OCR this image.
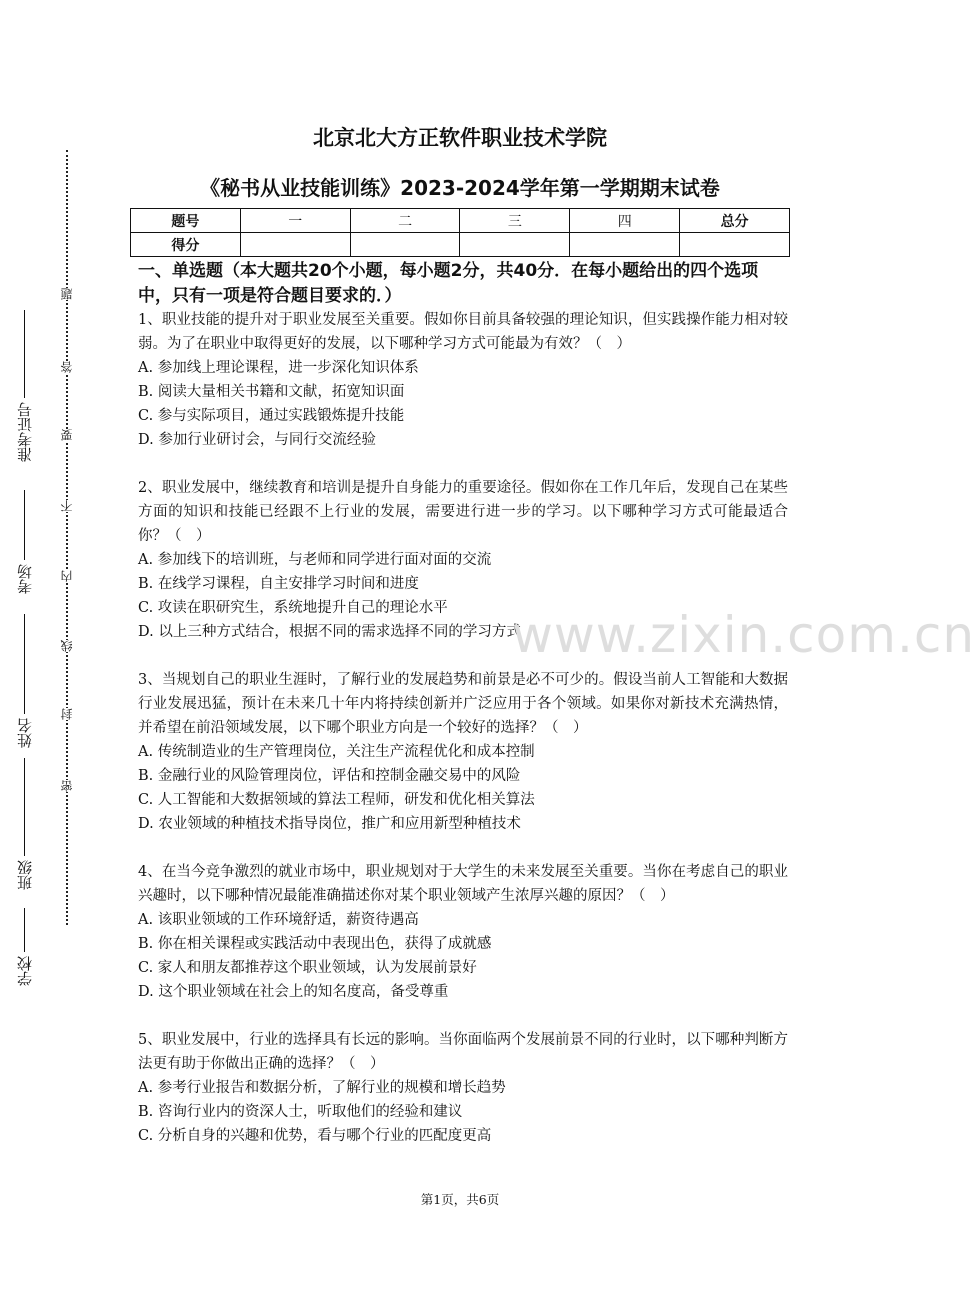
准考证号
考场
姓名
班级
学校
题
答
要
不
内
线
封
密
北京北大方正软件职业技术学院
《秘书从业技能训练》2023-2024学年第一学期期末试卷
题号	一	二	三	四	总分
得分					
一、单选题（本大题共20个小题，每小题2分，共40分．在每小题给出的四个选项中，只有一项是符合题目要求的．）
1、职业技能的提升对于职业发展至关重要。假如你目前具备较强的理论知识，但实践操作能力相对较弱。为了在职业中取得更好的发展，以下哪种学习方式可能最为有效？（　）
A. 参加线上理论课程，进一步深化知识体系
B. 阅读大量相关书籍和文献，拓宽知识面
C. 参与实际项目，通过实践锻炼提升技能
D. 参加行业研讨会，与同行交流经验
2、职业发展中，继续教育和培训是提升自身能力的重要途径。假如你在工作几年后，发现自己在某些方面的知识和技能已经跟不上行业的发展，需要进行进一步的学习。以下哪种学习方式可能最适合你？（　）
A. 参加线下的培训班，与老师和同学进行面对面的交流
B. 在线学习课程，自主安排学习时间和进度
C. 攻读在职研究生，系统地提升自己的理论水平
D. 以上三种方式结合，根据不同的需求选择不同的学习方式
3、当规划自己的职业生涯时，了解行业的发展趋势和前景是必不可少的。假设当前人工智能和大数据行业发展迅猛，预计在未来几十年内将持续创新并广泛应用于各个领域。如果你对新技术充满热情，并希望在前沿领域发展，以下哪个职业方向是一个较好的选择？（　）
A. 传统制造业的生产管理岗位，关注生产流程优化和成本控制
B. 金融行业的风险管理岗位，评估和控制金融交易中的风险
C. 人工智能和大数据领域的算法工程师，研发和优化相关算法
D. 农业领域的种植技术指导岗位，推广和应用新型种植技术
4、在当今竞争激烈的就业市场中，职业规划对于大学生的未来发展至关重要。当你在考虑自己的职业兴趣时，以下哪种情况最能准确描述你对某个职业领域产生浓厚兴趣的原因？（　）
A. 该职业领域的工作环境舒适，薪资待遇高
B. 你在相关课程或实践活动中表现出色，获得了成就感
C. 家人和朋友都推荐这个职业领域，认为发展前景好
D. 这个职业领域在社会上的知名度高，备受尊重
5、职业发展中，行业的选择具有长远的影响。当你面临两个发展前景不同的行业时，以下哪种判断方法更有助于你做出正确的选择？（　）
A. 参考行业报告和数据分析，了解行业的规模和增长趋势
B. 咨询行业内的资深人士，听取他们的经验和建议
C. 分析自身的兴趣和优势，看与哪个行业的匹配度更高
www.zixin.com.cn
第1页，共6页
